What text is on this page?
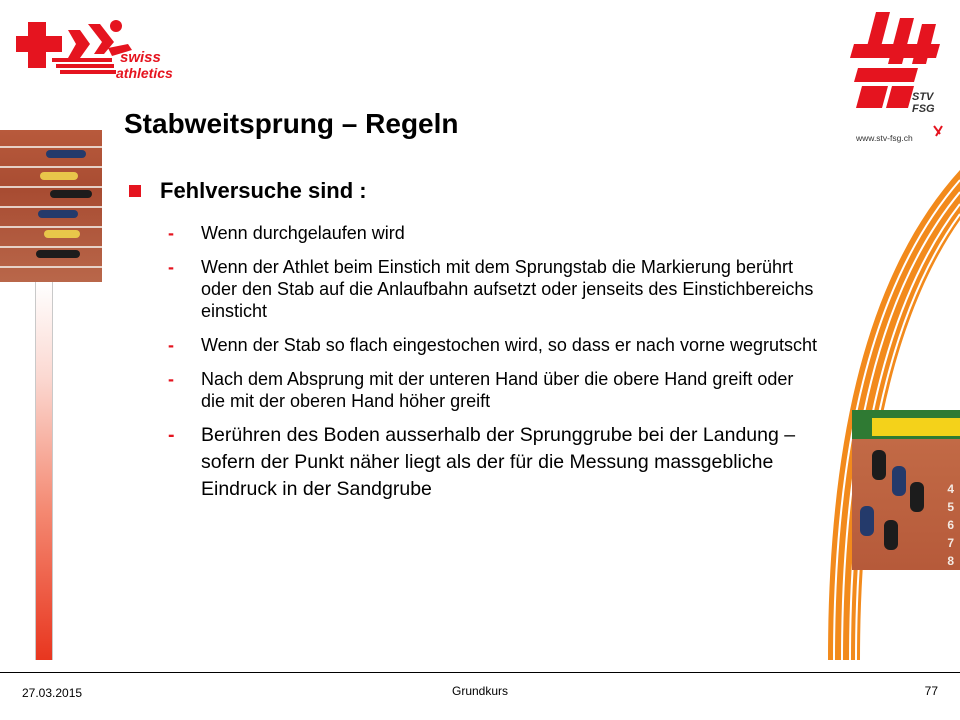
swiss
athletics
STV
FSG
www.stv-fsg.ch
4
5
6
7
8
Stabweitsprung – Regeln
Fehlversuche sind :
- Wenn durchgelaufen wird
- Wenn der Athlet beim Einstich mit dem Sprungstab die Markierung berührt oder den Stab auf die Anlaufbahn aufsetzt oder jenseits des Einstichbereichs einsticht
- Wenn der Stab so flach eingestochen wird, so dass er nach vorne wegrutscht
- Nach dem Absprung mit der unteren Hand über die obere Hand greift oder die mit der oberen Hand höher greift
- Berühren des Boden ausserhalb der Sprunggrube bei der Landung – sofern der Punkt näher liegt als der für die Messung massgebliche Eindruck in der Sandgrube
27.03.2015	Grundkurs	77
